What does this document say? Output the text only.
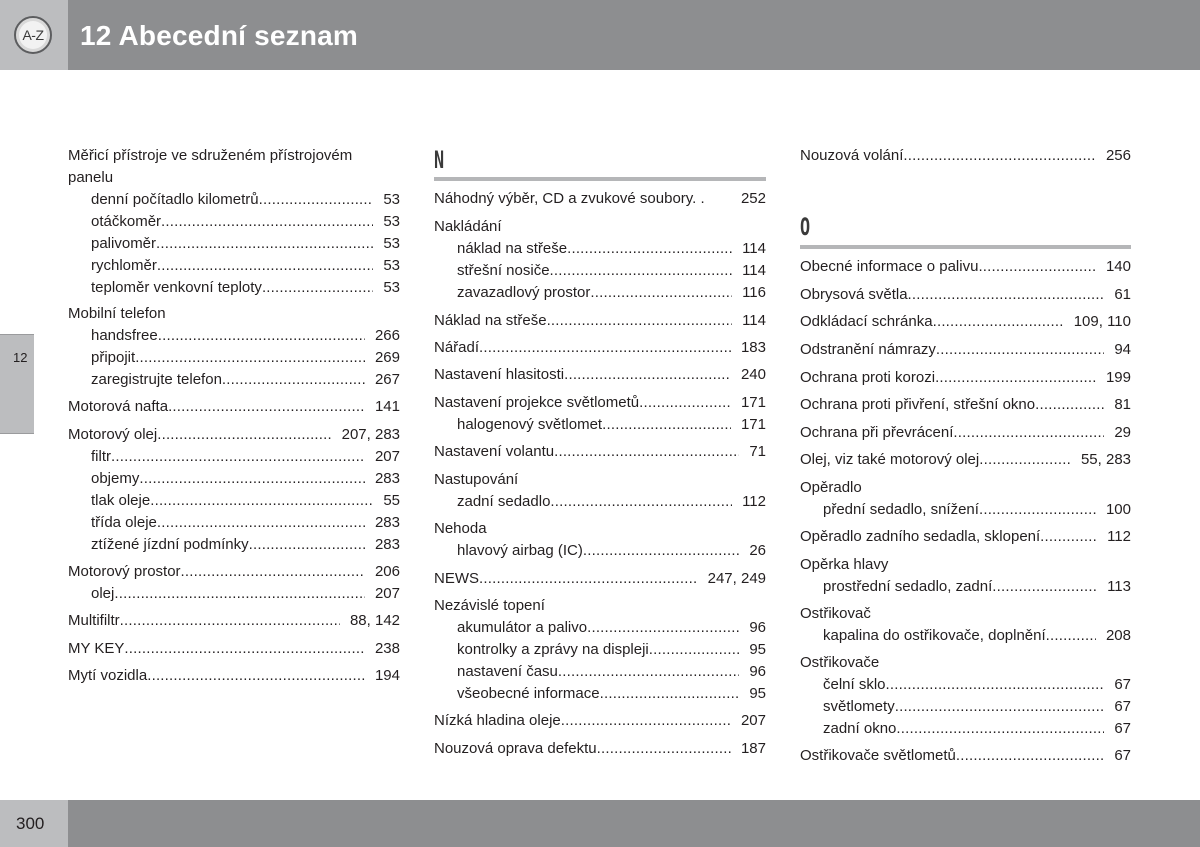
A-Z	12 Abecední seznam
12
300
Měřicí přístroje ve sdruženém přístrojovém
panelu
denní počítadlo kilometrů .....	53
otáčkoměr .....	53
palivoměr .....	53
rychloměr .....	53
teploměr venkovní teploty .....	53
Mobilní telefon
handsfree .....	266
připojit .....	269
zaregistrujte telefon .....	267
Motorová nafta .....	141
Motorový olej .....	207, 283
filtr .....	207
objemy .....	283
tlak oleje .....	55
třída oleje .....	283
ztížené jízdní podmínky .....	283
Motorový prostor .....	206
olej .....	207
Multifiltr .....	88, 142
MY KEY .....	238
Mytí vozidla .....	194
Náhodný výběr, CD a zvukové soubory. . 252
Nakládání
náklad na střeše .....	114
střešní nosiče .....	114
zavazadlový prostor .....	116
Náklad na střeše .....	114
Nářadí .....	183
Nastavení hlasitosti .....	240
Nastavení projekce světlometů .....	171
halogenový světlomet .....	171
Nastavení volantu .....	71
Nastupování
zadní sedadlo .....	112
Nehoda
hlavový airbag (IC) .....	26
NEWS .....	247, 249
Nezávislé topení
akumulátor a palivo .....	96
kontrolky a zprávy na displeji .....	95
nastavení času .....	96
všeobecné informace .....	95
Nízká hladina oleje .....	207
Nouzová oprava defektu .....	187
Nouzová volání .....	256
Obecné informace o palivu .....	140
Obrysová světla .....	61
Odkládací schránka .....	109, 110
Odstranění námrazy .....	94
Ochrana proti korozi .....	199
Ochrana proti přivření, střešní okno .....	81
Ochrana při převrácení .....	29
Olej, viz také motorový olej .....	55, 283
Opěradlo
přední sedadlo, snížení .....	100
Opěradlo zadního sedadla, sklopení .....	112
Opěrka hlavy
prostřední sedadlo, zadní .....	113
Ostřikovač
kapalina do ostřikovače, doplnění .....	208
Ostřikovače
čelní sklo .....	67
světlomety .....	67
zadní okno .....	67
Ostřikovače světlometů .....	67
N
O
